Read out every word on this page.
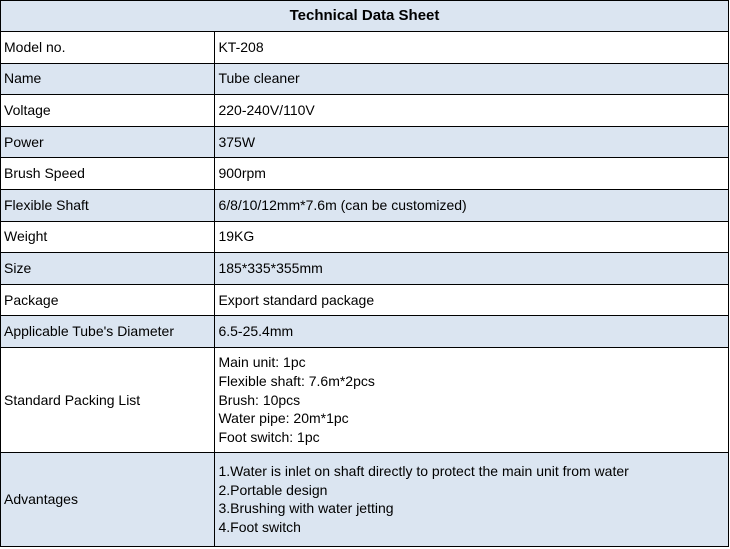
Technical Data Sheet	
Model no.	KT-208
Name	Tube cleaner
Voltage	220-240V/110V
Power	375W
Brush Speed	900rpm
Flexible Shaft	6/8/10/12mm*7.6m (can be customized)
Weight	19KG
Size	185*335*355mm
Package	Export standard package
Applicable Tube's Diameter	6.5-25.4mm
Standard Packing List	Main unit: 1pc
Flexible shaft: 7.6m*2pcs
Brush: 10pcs
Water pipe: 20m*1pc
Foot switch: 1pc

Advantages	1.Water is inlet on shaft directly to protect the main unit from water
2.Portable design
3.Brushing with water jetting
4.Foot switch
